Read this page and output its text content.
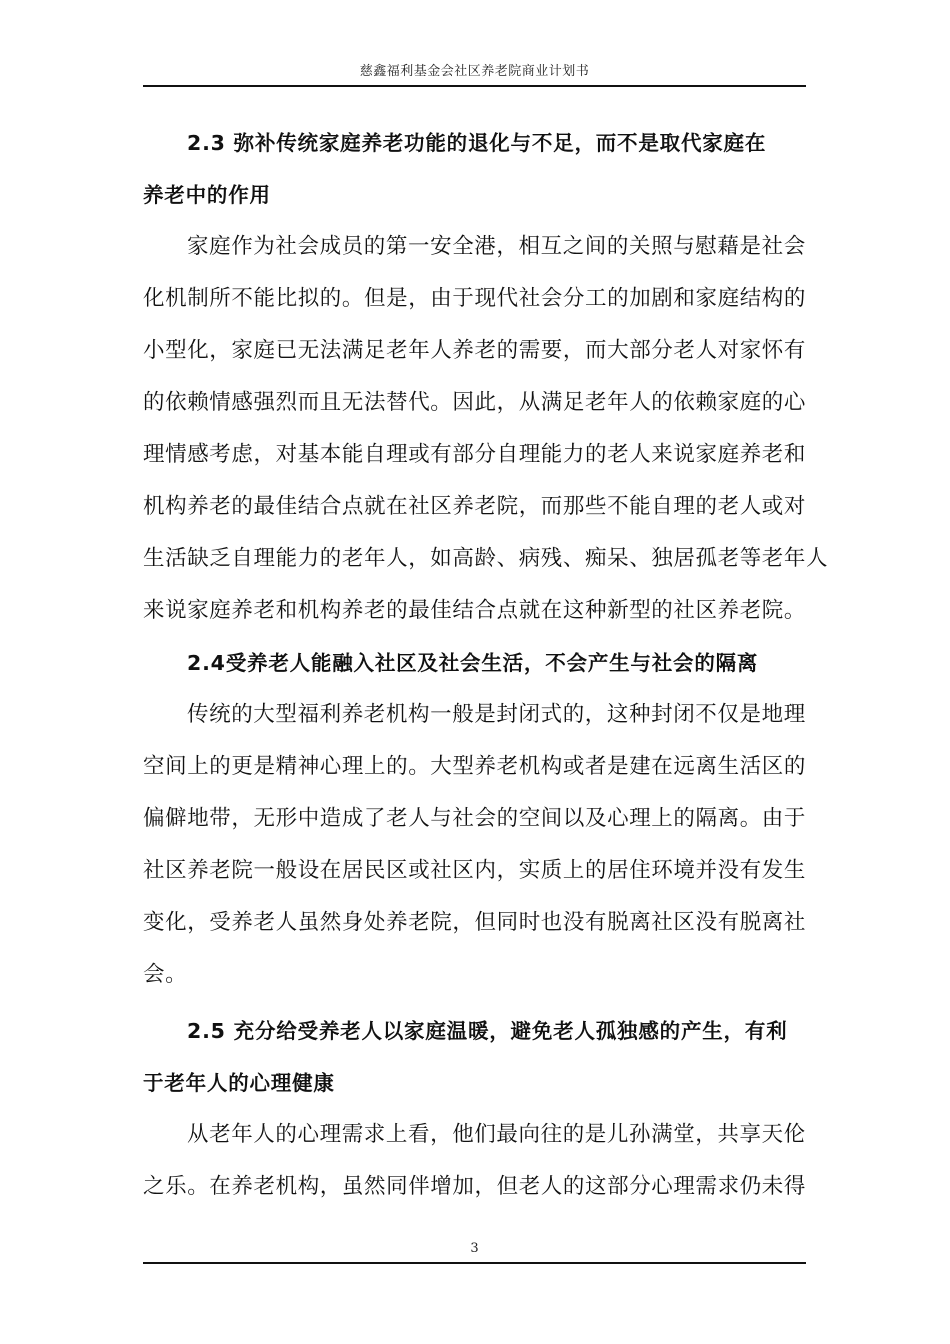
慈鑫福利基金会社区养老院商业计划书
2.3 弥补传统家庭养老功能的退化与不足，而不是取代家庭在
养老中的作用
家庭作为社会成员的第一安全港，相互之间的关照与慰藉是社会
化机制所不能比拟的。但是，由于现代社会分工的加剧和家庭结构的
小型化，家庭已无法满足老年人养老的需要，而大部分老人对家怀有
的依赖情感强烈而且无法替代。因此，从满足老年人的依赖家庭的心
理情感考虑，对基本能自理或有部分自理能力的老人来说家庭养老和
机构养老的最佳结合点就在社区养老院，而那些不能自理的老人或对
生活缺乏自理能力的老年人，如高龄、病残、痴呆、独居孤老等老年人
来说家庭养老和机构养老的最佳结合点就在这种新型的社区养老院。
2.4受养老人能融入社区及社会生活，不会产生与社会的隔离
传统的大型福利养老机构一般是封闭式的，这种封闭不仅是地理
空间上的更是精神心理上的。大型养老机构或者是建在远离生活区的
偏僻地带，无形中造成了老人与社会的空间以及心理上的隔离。由于
社区养老院一般设在居民区或社区内，实质上的居住环境并没有发生
变化，受养老人虽然身处养老院，但同时也没有脱离社区没有脱离社
会。
2.5 充分给受养老人以家庭温暖，避免老人孤独感的产生，有利
于老年人的心理健康
从老年人的心理需求上看，他们最向往的是儿孙满堂，共享天伦
之乐。在养老机构，虽然同伴增加，但老人的这部分心理需求仍未得
3
